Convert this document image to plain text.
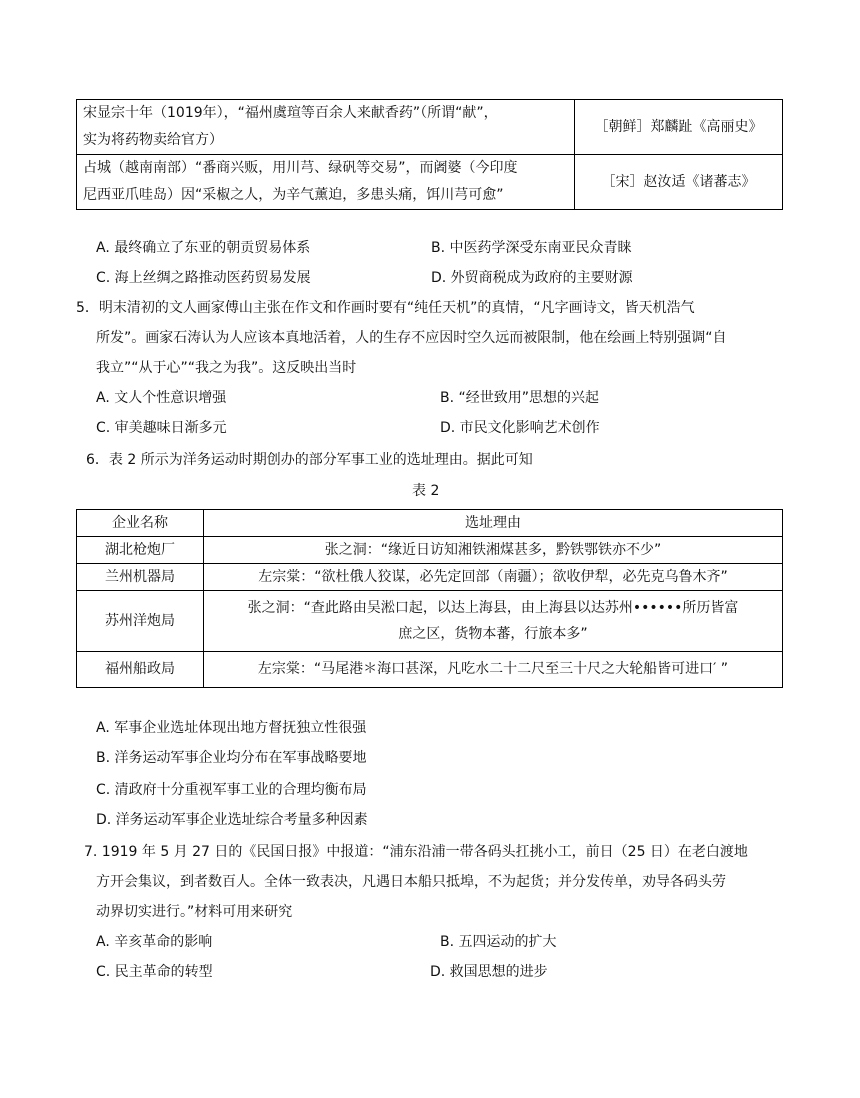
宋显宗十年（1019年），“福州虞瑄等百余人来献香药”（所谓“献”，
实为将药物卖给官方）	［朝鲜］郑麟趾《高丽史》

占城（越南南部）“番商兴贩，用川芎、绿矾等交易”，而阇婆（今印度
尼西亚爪哇岛）因“采椒之人，为辛气薰迫，多患头痛，饵川芎可愈”	［宋］赵汝适《诸蕃志》
A. 最终确立了东亚的朝贡贸易体系	B. 中医药学深受东南亚民众青睐
C. 海上丝绸之路推动医药贸易发展	D. 外贸商税成为政府的主要财源
5．明末清初的文人画家傅山主张在作文和作画时要有“纯任天机”的真情，“凡字画诗文，皆天机浩气
所发”。画家石涛认为人应该本真地活着，人的生存不应因时空久远而被限制，他在绘画上特别强调“自
我立”“从于心”“我之为我”。这反映出当时
A. 文人个性意识增强	B. “经世致用”思想的兴起
C. 审美趣味日渐多元	D. 市民文化影响艺术创作
6．表 2 所示为洋务运动时期创办的部分军事工业的选址理由。据此可知
表 2
企业名称	选址理由
湖北枪炮厂	张之洞：“缘近日访知湘铁湘煤甚多，黔铁鄂铁亦不少”

兰州机器局	左宗棠：“欲杜俄人狡谋，必先定回部（南疆）；欲收伊犁，必先克乌鲁木齐”

苏州洋炮局	张之洞：“查此路由吴淞口起，以达上海县，由上海县以达苏州••••••所历皆富
庶之区，货物本蕃，行旅本多”

福州船政局	左宗棠：“马尾港＊海口甚深，凡吃水二十二尺至三十尺之大轮船皆可进口′ ”
A. 军事企业选址体现出地方督抚独立性很强
B. 洋务运动军事企业均分布在军事战略要地
C. 清政府十分重视军事工业的合理均衡布局
D. 洋务运动军事企业选址综合考量多种因素
7. 1919 年 5 月 27 日的《民国日报》中报道：“浦东沿浦一带各码头扛挑小工，前日（25 日）在老白渡地
方开会集议，到者数百人。全体一致表决，凡遇日本船只抵埠，不为起货；并分发传单，劝导各码头劳
动界切实进行。”材料可用来研究
A. 辛亥革命的影响	B. 五四运动的扩大
C. 民主革命的转型	D. 救国思想的进步
